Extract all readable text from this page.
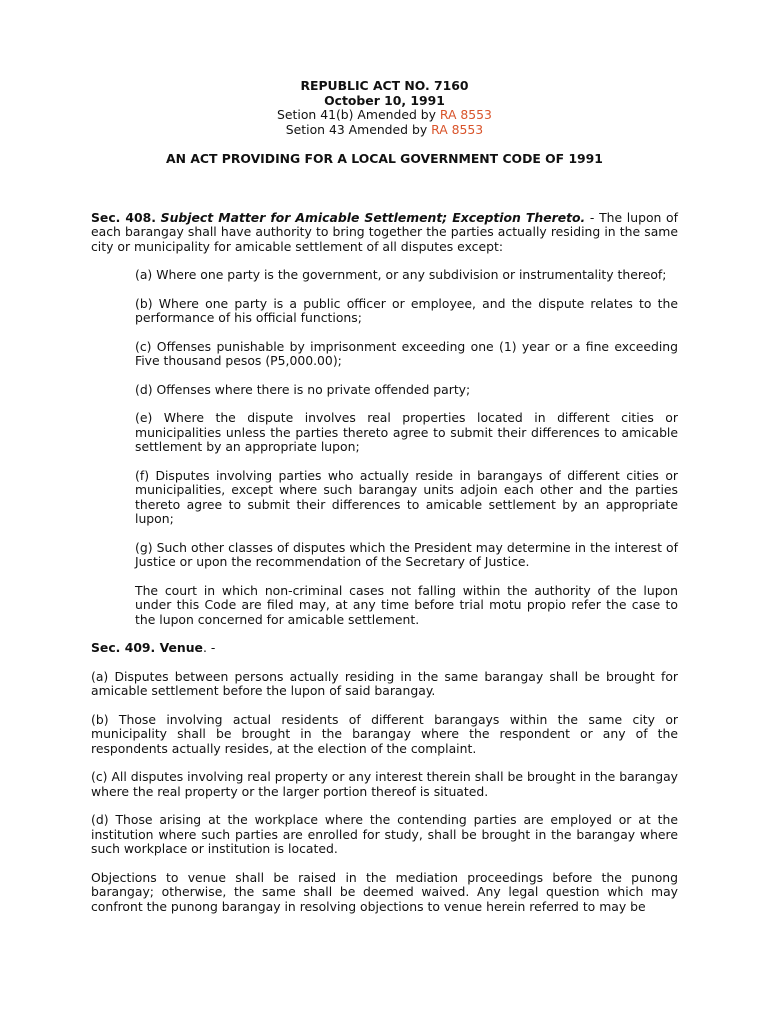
REPUBLIC ACT NO. 7160
October 10, 1991
Setion 41(b) Amended by RA 8553
Setion 43 Amended by RA 8553
AN ACT PROVIDING FOR A LOCAL GOVERNMENT CODE OF 1991

Sec. 408. Subject Matter for Amicable Settlement; Exception Thereto. - The lupon of each barangay shall have authority to bring together the parties actually residing in the same city or municipality for amicable settlement of all disputes except:

(a) Where one party is the government, or any subdivision or instrumentality thereof;

(b) Where one party is a public officer or employee, and the dispute relates to the performance of his official functions;

(c) Offenses punishable by imprisonment exceeding one (1) year or a fine exceeding Five thousand pesos (P5,000.00);

(d) Offenses where there is no private offended party;

(e) Where the dispute involves real properties located in different cities or municipalities unless the parties thereto agree to submit their differences to amicable settlement by an appropriate lupon;

(f) Disputes involving parties who actually reside in barangays of different cities or municipalities, except where such barangay units adjoin each other and the parties thereto agree to submit their differences to amicable settlement by an appropriate lupon;

(g) Such other classes of disputes which the President may determine in the interest of Justice or upon the recommendation of the Secretary of Justice.

The court in which non-criminal cases not falling within the authority of the lupon under this Code are filed may, at any time before trial motu propio refer the case to the lupon concerned for amicable settlement.

Sec. 409. Venue. -

(a) Disputes between persons actually residing in the same barangay shall be brought for amicable settlement before the lupon of said barangay.

(b) Those involving actual residents of different barangays within the same city or municipality shall be brought in the barangay where the respondent or any of the respondents actually resides, at the election of the complaint.

(c) All disputes involving real property or any interest therein shall be brought in the barangay where the real property or the larger portion thereof is situated.

(d) Those arising at the workplace where the contending parties are employed or at the institution where such parties are enrolled for study, shall be brought in the barangay where such workplace or institution is located.

Objections to venue shall be raised in the mediation proceedings before the punong barangay; otherwise, the same shall be deemed waived. Any legal question which may confront the punong barangay in resolving objections to venue herein referred to may be
